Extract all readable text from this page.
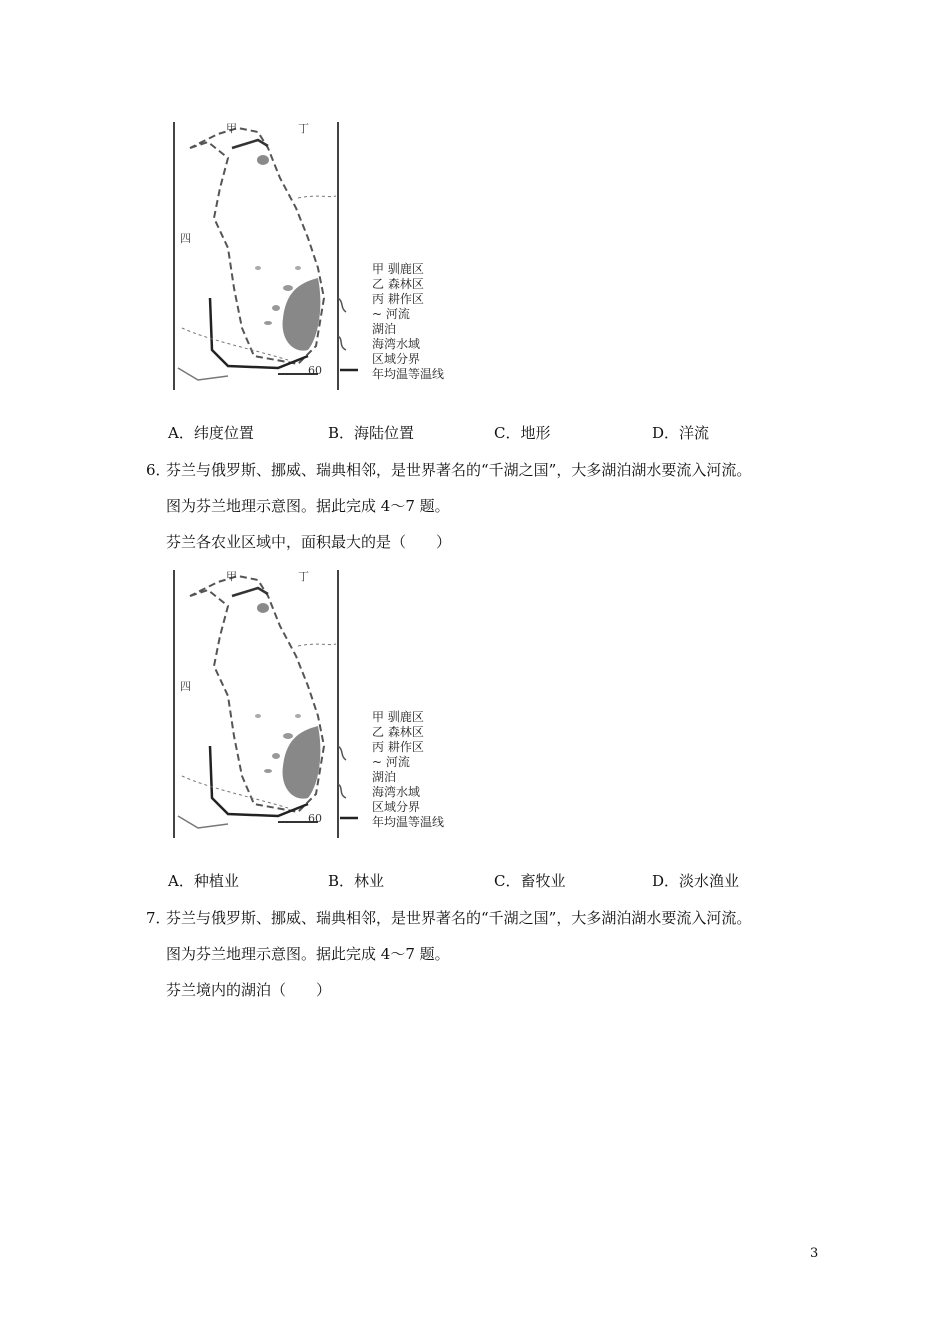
甲
四
60
丁
甲 驯鹿区
乙 森林区
丙 耕作区
~ 河流
湖泊
海湾水域
区域分界
年均温等温线
A．纬度位置	B．海陆位置	C．地形	D．洋流
6．
芬兰与俄罗斯、挪威、瑞典相邻，是世界著名的“千湖之国”，大多湖泊湖水要流入河流。
图为芬兰地理示意图。据此完成 4～7 题。
芬兰各农业区域中，面积最大的是（　　）
甲
四
60
丁
甲 驯鹿区
乙 森林区
丙 耕作区
~ 河流
湖泊
海湾水域
区域分界
年均温等温线
A．种植业	B．林业	C．畜牧业	D．淡水渔业
7．
芬兰与俄罗斯、挪威、瑞典相邻，是世界著名的“千湖之国”，大多湖泊湖水要流入河流。
图为芬兰地理示意图。据此完成 4～7 题。
芬兰境内的湖泊（　　）
3
